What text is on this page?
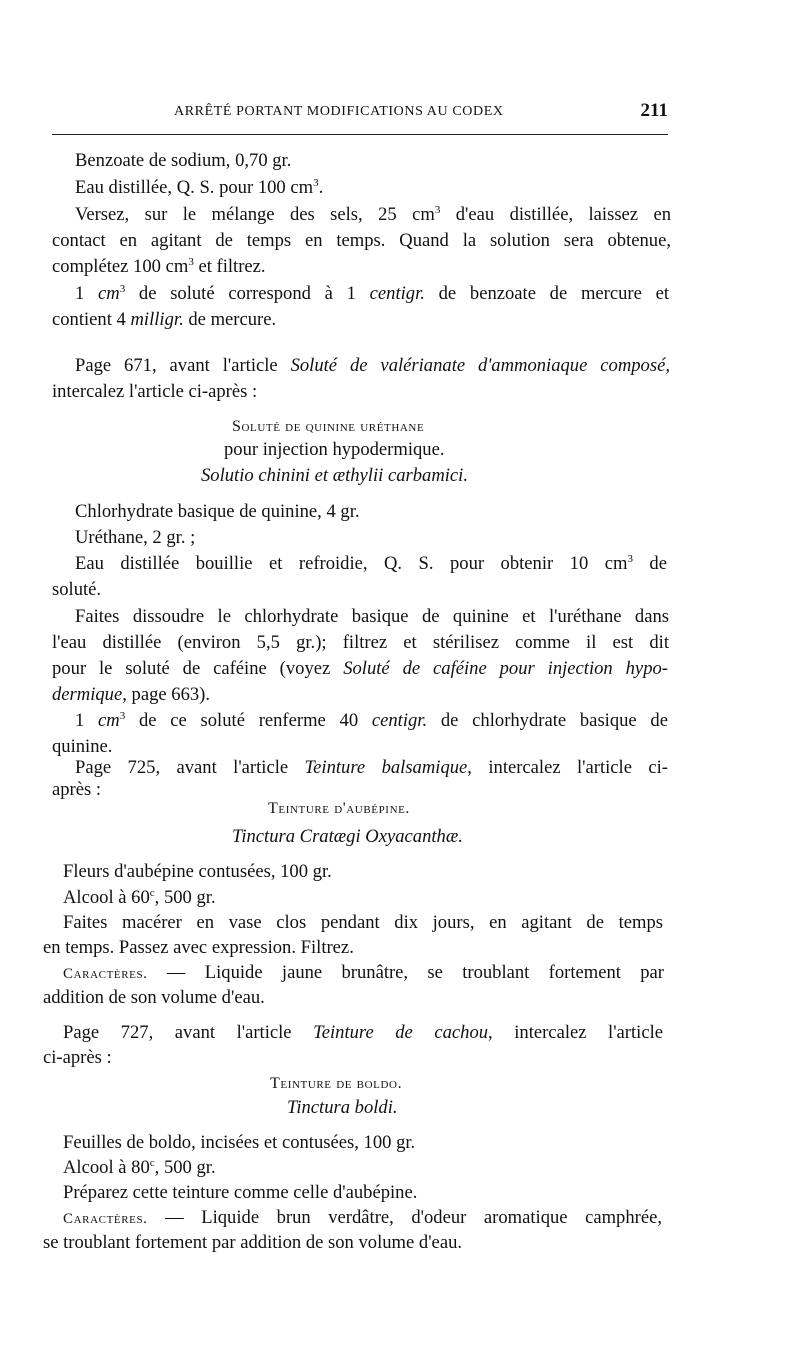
ARRÊTÉ PORTANT MODIFICATIONS AU CODEX	211
Benzoate de sodium, 0,70 gr.
Eau distillée, Q. S. pour 100 $cm^3$.
Versez, sur le mélange des sels, 25 $cm^3$ d'eau distillée, laissez en
contact en agitant de temps en temps. Quand la solution sera obtenue,
complétez 100 $cm^3$ et filtrez.
1 $cm^3$ de soluté correspond à 1 centigr. de benzoate de mercure et
contient 4 milligr. de mercure.
Page 671, avant l'article Soluté de valérianate d'ammoniaque composé,
intercalez l'article ci-après :
Soluté de quinine uréthane
pour injection hypodermique.
Solutio chinini et æthylii carbamici.
Chlorhydrate basique de quinine, 4 gr.
Uréthane, 2 gr. ;
Eau distillée bouillie et refroidie, Q. S. pour obtenir 10 $cm^3$ de
soluté.
Faites dissoudre le chlorhydrate basique de quinine et l'uréthane dans
l'eau distillée (environ 5,5 gr.); filtrez et stérilisez comme il est dit
pour le soluté de caféine (voyez Soluté de caféine pour injection hypo-
dermique, page 663).
1 $cm^3$ de ce soluté renferme 40 centigr. de chlorhydrate basique de
quinine.
Page 725, avant l'article Teinture balsamique, intercalez l'article ci-
après :
Teinture d'aubépine.
Tinctura Cratægi Oxyacanthæ.
Fleurs d'aubépine contusées, 100 gr.
Alcool à 60$^c$, 500 gr.
Faites macérer en vase clos pendant dix jours, en agitant de temps
en temps. Passez avec expression. Filtrez.
Caractères. — Liquide jaune brunâtre, se troublant fortement par
addition de son volume d'eau.
Page 727, avant l'article Teinture de cachou, intercalez l'article
ci-après :
Teinture de boldo.
Tinctura boldi.
Feuilles de boldo, incisées et contusées, 100 gr.
Alcool à 80$^c$, 500 gr.
Préparez cette teinture comme celle d'aubépine.
Caractères. — Liquide brun verdâtre, d'odeur aromatique camphrée,
se troublant fortement par addition de son volume d'eau.
